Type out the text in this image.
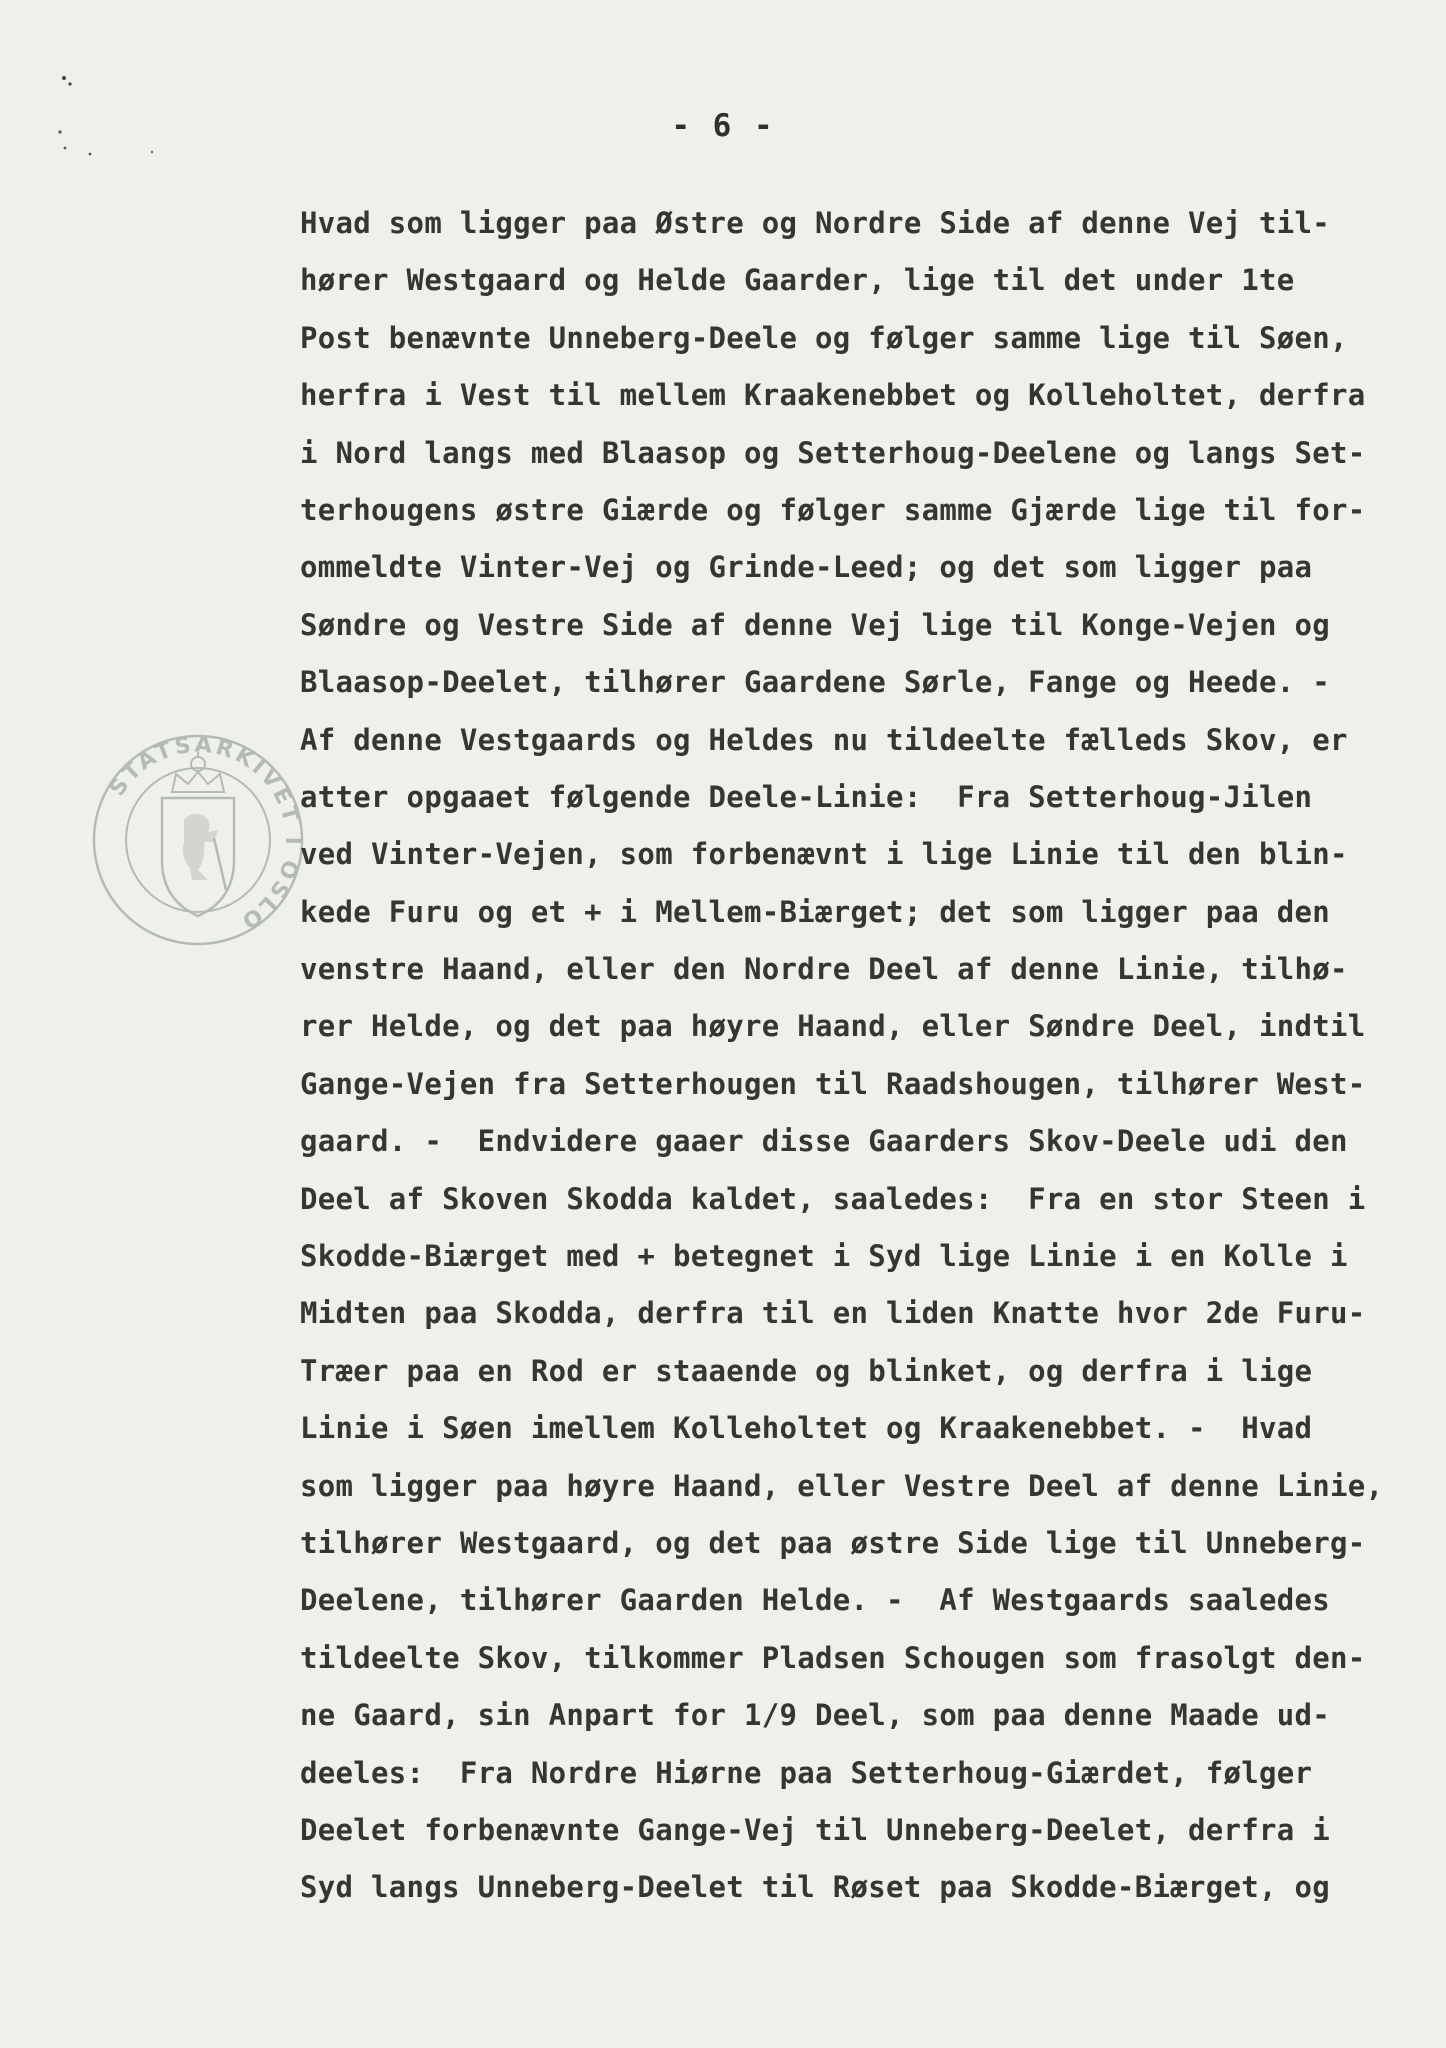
- 6 -
STATSARKIVET I OSLO
Hvad som ligger paa Østre og Nordre Side af denne Vej til-
hører Westgaard og Helde Gaarder, lige til det under 1te
Post benævnte Unneberg-Deele og følger samme lige til Søen,
herfra i Vest til mellem Kraakenebbet og Kolleholtet, derfra
i Nord langs med Blaasop og Setterhoug-Deelene og langs Set-
terhougens østre Giærde og følger samme Gjærde lige til for-
ommeldte Vinter-Vej og Grinde-Leed; og det som ligger paa
Søndre og Vestre Side af denne Vej lige til Konge-Vejen og
Blaasop-Deelet, tilhører Gaardene Sørle, Fange og Heede. -
Af denne Vestgaards og Heldes nu tildeelte fælleds Skov, er
atter opgaaet følgende Deele-Linie:  Fra Setterhoug-Jilen
ved Vinter-Vejen, som forbenævnt i lige Linie til den blin-
kede Furu og et + i Mellem-Biærget; det som ligger paa den
venstre Haand, eller den Nordre Deel af denne Linie, tilhø-
rer Helde, og det paa høyre Haand, eller Søndre Deel, indtil
Gange-Vejen fra Setterhougen til Raadshougen, tilhører West-
gaard. -  Endvidere gaaer disse Gaarders Skov-Deele udi den
Deel af Skoven Skodda kaldet, saaledes:  Fra en stor Steen i
Skodde-Biærget med + betegnet i Syd lige Linie i en Kolle i
Midten paa Skodda, derfra til en liden Knatte hvor 2de Furu-
Træer paa en Rod er staaende og blinket, og derfra i lige
Linie i Søen imellem Kolleholtet og Kraakenebbet. -  Hvad
som ligger paa høyre Haand, eller Vestre Deel af denne Linie,
tilhører Westgaard, og det paa østre Side lige til Unneberg-
Deelene, tilhører Gaarden Helde. -  Af Westgaards saaledes
tildeelte Skov, tilkommer Pladsen Schougen som frasolgt den-
ne Gaard, sin Anpart for 1/9 Deel, som paa denne Maade ud-
deeles:  Fra Nordre Hiørne paa Setterhoug-Giærdet, følger
Deelet forbenævnte Gange-Vej til Unneberg-Deelet, derfra i
Syd langs Unneberg-Deelet til Røset paa Skodde-Biærget, og
